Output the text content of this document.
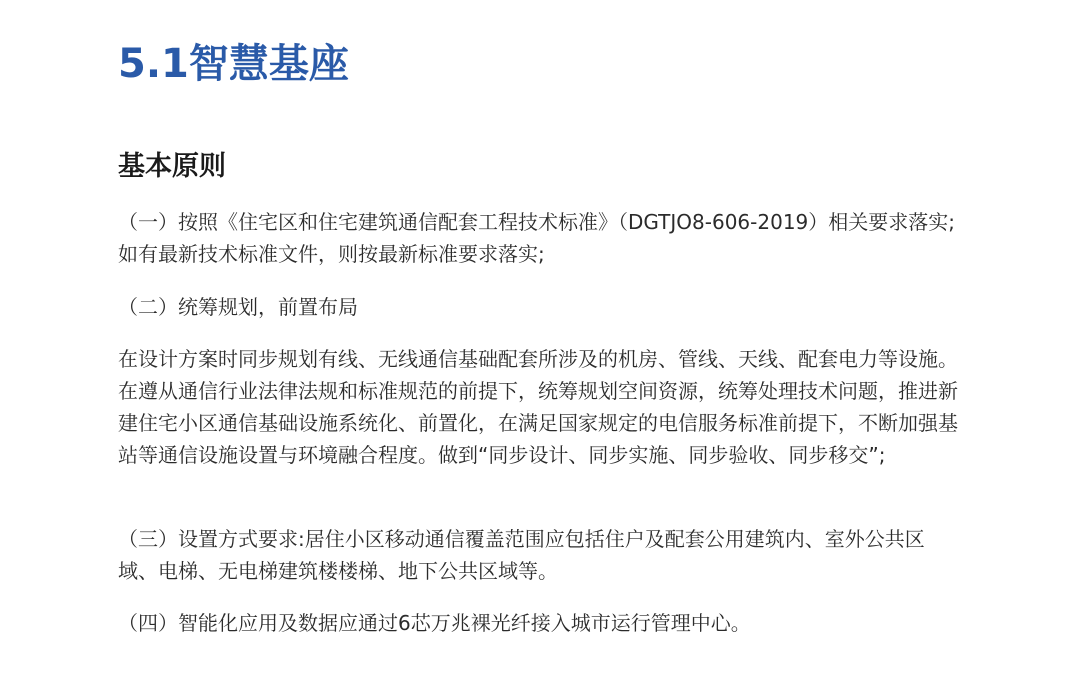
5.1智慧基座
基本原则

（一）按照《住宅区和住宅建筑通信配套工程技术标准》（DGTJO8-606-2019）相关要求落实;如有最新技术标准文件，则按最新标准要求落实;

（二）统筹规划，前置布局

在设计方案时同步规划有线、无线通信基础配套所涉及的机房、管线、天线、配套电力等设施。在遵从通信行业法律法规和标准规范的前提下，统筹规划空间资源，统筹处理技术问题，推进新建住宅小区通信基础设施系统化、前置化，在满足国家规定的电信服务标准前提下，不断加强基站等通信设施设置与环境融合程度。做到“同步设计、同步实施、同步验收、同步移交”;

（三）设置方式要求:居住小区移动通信覆盖范围应包括住户及配套公用建筑内、室外公共区域、电梯、无电梯建筑楼楼梯、地下公共区域等。

（四）智能化应用及数据应通过6芯万兆裸光纤接入城市运行管理中心。
